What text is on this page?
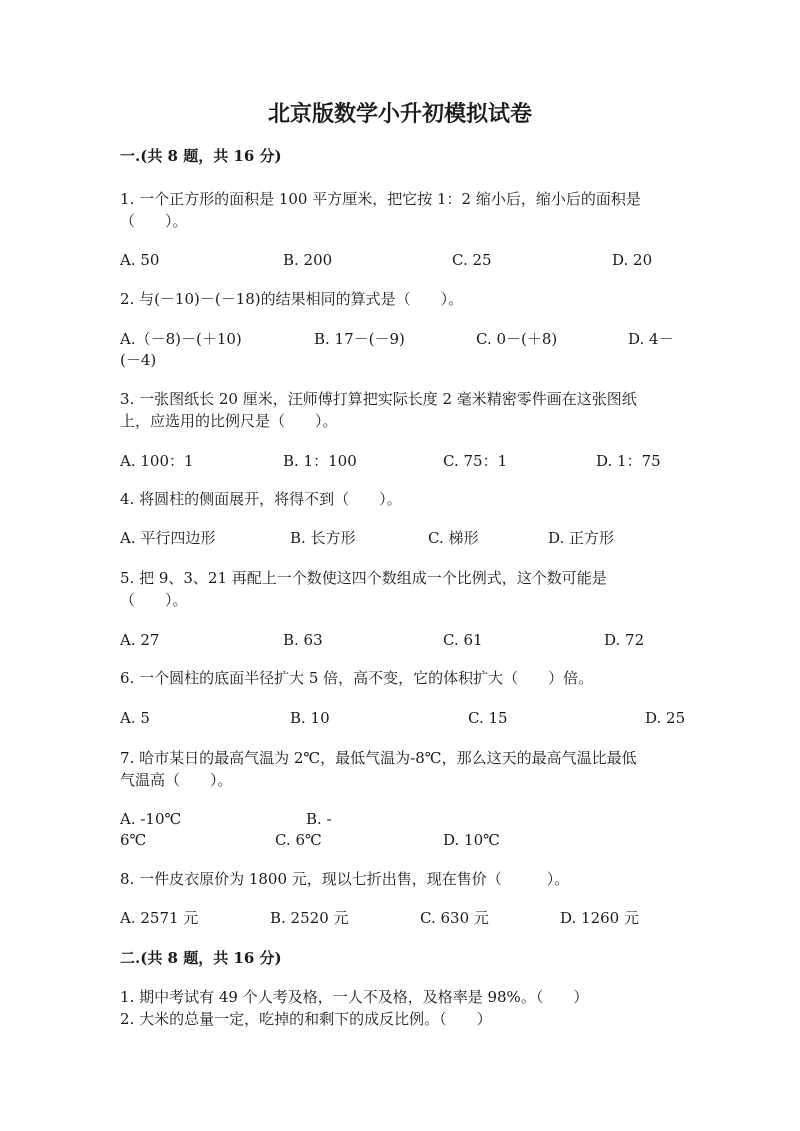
北京版数学小升初模拟试卷
一.(共 8 题，共 16 分)
1. 一个正方形的面积是 100 平方厘米，把它按 1：2 缩小后，缩小后的面积是
（　　）。
A. 50	B. 200	C. 25	D. 20
2. 与(－10)－(－18)的结果相同的算式是（　　）。
A.（－8)－(＋10)	B. 17－(－9)	C. 0－(＋8)	D. 4－
(－4)
3. 一张图纸长 20 厘米，汪师傅打算把实际长度 2 毫米精密零件画在这张图纸
上，应选用的比例尺是（　　）。
A. 100：1	B. 1：100	C. 75：1	D. 1：75
4. 将圆柱的侧面展开，将得不到（　　）。
A. 平行四边形	B. 长方形	C. 梯形	D. 正方形
5. 把 9、3、21 再配上一个数使这四个数组成一个比例式，这个数可能是
（　　）。
A. 27	B. 63	C. 61	D. 72
6. 一个圆柱的底面半径扩大 5 倍，高不变，它的体积扩大（　　）倍。
A. 5	B. 10	C. 15	D. 25
7. 哈市某日的最高气温为 2℃，最低气温为-8℃，那么这天的最高气温比最低
气温高（　　）。
A. -10℃	B. -
6℃	C. 6℃	D. 10℃
8. 一件皮衣原价为 1800 元，现以七折出售，现在售价（　　　）。
A. 2571 元	B. 2520 元	C. 630 元	D. 1260 元
二.(共 8 题，共 16 分)
1. 期中考试有 49 个人考及格，一人不及格，及格率是 98%。（　　）
2. 大米的总量一定，吃掉的和剩下的成反比例。（　　）
